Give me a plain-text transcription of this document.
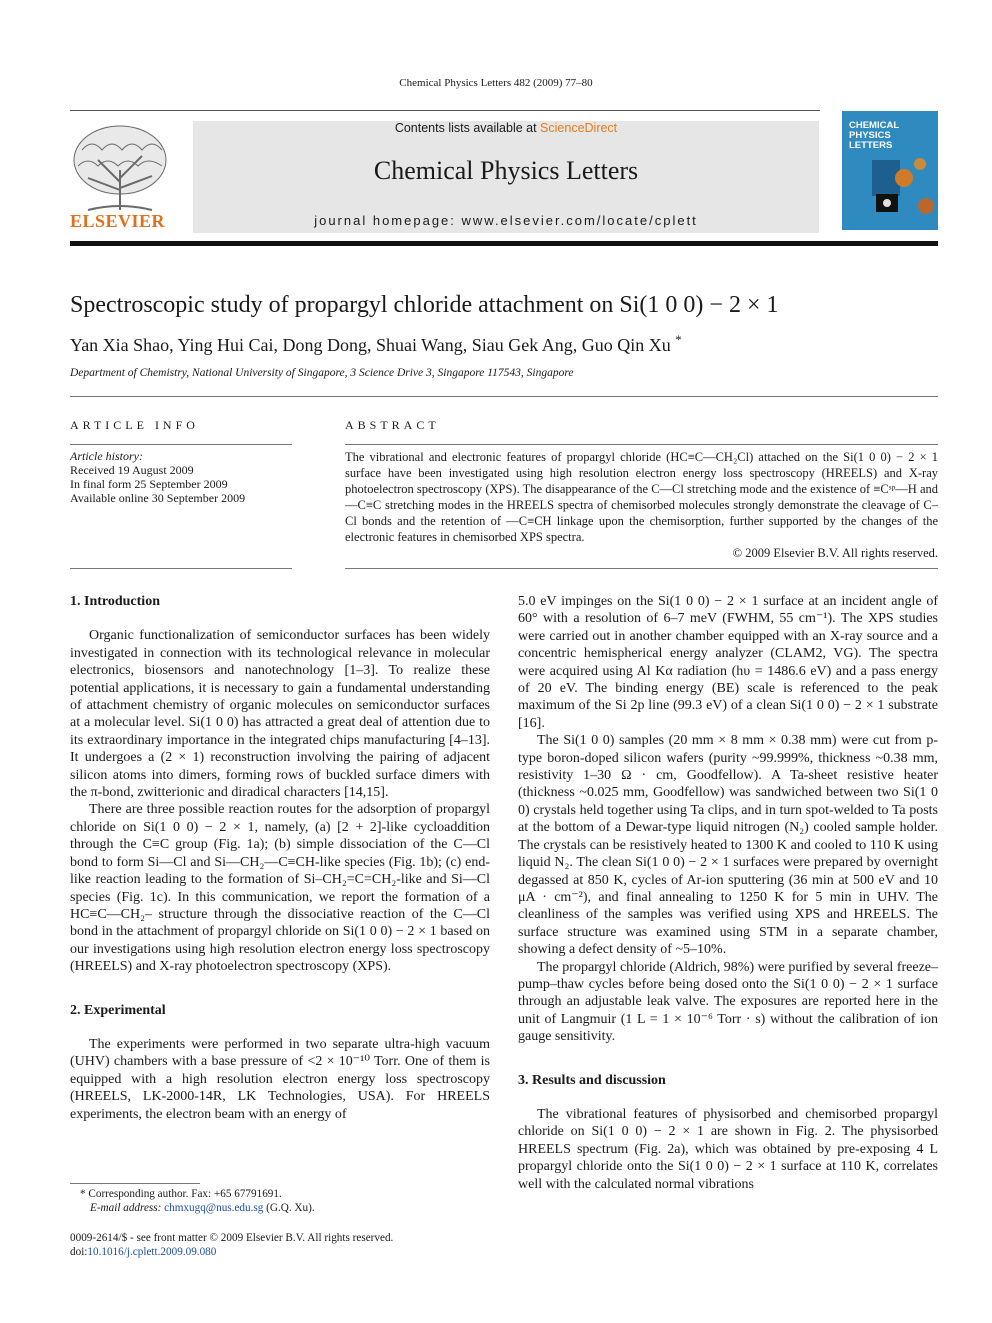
Chemical Physics Letters 482 (2009) 77–80
ELSEVIER
Contents lists available at ScienceDirect
Chemical Physics Letters
journal homepage: www.elsevier.com/locate/cplett
CHEMICAL
PHYSICS
LETTERS
Spectroscopic study of propargyl chloride attachment on Si(1 0 0) − 2 × 1
Yan Xia Shao, Ying Hui Cai, Dong Dong, Shuai Wang, Siau Gek Ang, Guo Qin Xu *
Department of Chemistry, National University of Singapore, 3 Science Drive 3, Singapore 117543, Singapore
ARTICLE INFO
Article history:
Received 19 August 2009
In final form 25 September 2009
Available online 30 September 2009
ABSTRACT
The vibrational and electronic features of propargyl chloride (HC≡C—CH₂Cl) attached on the Si(1 0 0) − 2 × 1 surface have been investigated using high resolution electron energy loss spectroscopy (HREELS) and X-ray photoelectron spectroscopy (XPS). The disappearance of the C—Cl stretching mode and the existence of ≡Cˢᵖ—H and —C≡C stretching modes in the HREELS spectra of chemisorbed molecules strongly demonstrate the cleavage of C–Cl bonds and the retention of —C≡CH linkage upon the chemisorption, further supported by the changes of the electronic features in chemisorbed XPS spectra.
© 2009 Elsevier B.V. All rights reserved.
1. Introduction

Organic functionalization of semiconductor surfaces has been widely investigated in connection with its technological relevance in molecular electronics, biosensors and nanotechnology [1–3]. To realize these potential applications, it is necessary to gain a fundamental understanding of attachment chemistry of organic molecules on semiconductor surfaces at a molecular level. Si(1 0 0) has attracted a great deal of attention due to its extraordinary importance in the integrated chips manufacturing [4–13]. It undergoes a (2 × 1) reconstruction involving the pairing of adjacent silicon atoms into dimers, forming rows of buckled surface dimers with the π-bond, zwitterionic and diradical characters [14,15].

There are three possible reaction routes for the adsorption of propargyl chloride on Si(1 0 0) − 2 × 1, namely, (a) [2 + 2]-like cycloaddition through the C≡C group (Fig. 1a); (b) simple dissociation of the C—Cl bond to form Si—Cl and Si—CH₂—C≡CH-like species (Fig. 1b); (c) end-like reaction leading to the formation of Si–CH₂=C=CH₂-like and Si—Cl species (Fig. 1c). In this communication, we report the formation of a HC≡C—CH₂– structure through the dissociative reaction of the C—Cl bond in the attachment of propargyl chloride on Si(1 0 0) − 2 × 1 based on our investigations using high resolution electron energy loss spectroscopy (HREELS) and X-ray photoelectron spectroscopy (XPS).

2. Experimental

The experiments were performed in two separate ultra-high vacuum (UHV) chambers with a base pressure of <2 × 10⁻¹⁰ Torr. One of them is equipped with a high resolution electron energy loss spectroscopy (HREELS, LK-2000-14R, LK Technologies, USA). For HREELS experiments, the electron beam with an energy of

* Corresponding author. Fax: +65 67791691.
E-mail address: chmxugq@nus.edu.sg (G.Q. Xu).
0009-2614/$ - see front matter © 2009 Elsevier B.V. All rights reserved.
doi:10.1016/j.cplett.2009.09.080

5.0 eV impinges on the Si(1 0 0) − 2 × 1 surface at an incident angle of 60° with a resolution of 6–7 meV (FWHM, 55 cm⁻¹). The XPS studies were carried out in another chamber equipped with an X-ray source and a concentric hemispherical energy analyzer (CLAM2, VG). The spectra were acquired using Al Kα radiation (hυ = 1486.6 eV) and a pass energy of 20 eV. The binding energy (BE) scale is referenced to the peak maximum of the Si 2p line (99.3 eV) of a clean Si(1 0 0) − 2 × 1 substrate [16].

The Si(1 0 0) samples (20 mm × 8 mm × 0.38 mm) were cut from p-type boron-doped silicon wafers (purity ~99.999%, thickness ~0.38 mm, resistivity 1–30 Ω · cm, Goodfellow). A Ta-sheet resistive heater (thickness ~0.025 mm, Goodfellow) was sandwiched between two Si(1 0 0) crystals held together using Ta clips, and in turn spot-welded to Ta posts at the bottom of a Dewar-type liquid nitrogen (N₂) cooled sample holder. The crystals can be resistively heated to 1300 K and cooled to 110 K using liquid N₂. The clean Si(1 0 0) − 2 × 1 surfaces were prepared by overnight degassed at 850 K, cycles of Ar-ion sputtering (36 min at 500 eV and 10 μA · cm⁻²), and final annealing to 1250 K for 5 min in UHV. The cleanliness of the samples was verified using XPS and HREELS. The surface structure was examined using STM in a separate chamber, showing a defect density of ~5–10%.

The propargyl chloride (Aldrich, 98%) were purified by several freeze–pump–thaw cycles before being dosed onto the Si(1 0 0) − 2 × 1 surface through an adjustable leak valve. The exposures are reported here in the unit of Langmuir (1 L = 1 × 10⁻⁶ Torr · s) without the calibration of ion gauge sensitivity.

3. Results and discussion

The vibrational features of physisorbed and chemisorbed propargyl chloride on Si(1 0 0) − 2 × 1 are shown in Fig. 2. The physisorbed HREELS spectrum (Fig. 2a), which was obtained by pre-exposing 4 L propargyl chloride onto the Si(1 0 0) − 2 × 1 surface at 110 K, correlates well with the calculated normal vibrations
